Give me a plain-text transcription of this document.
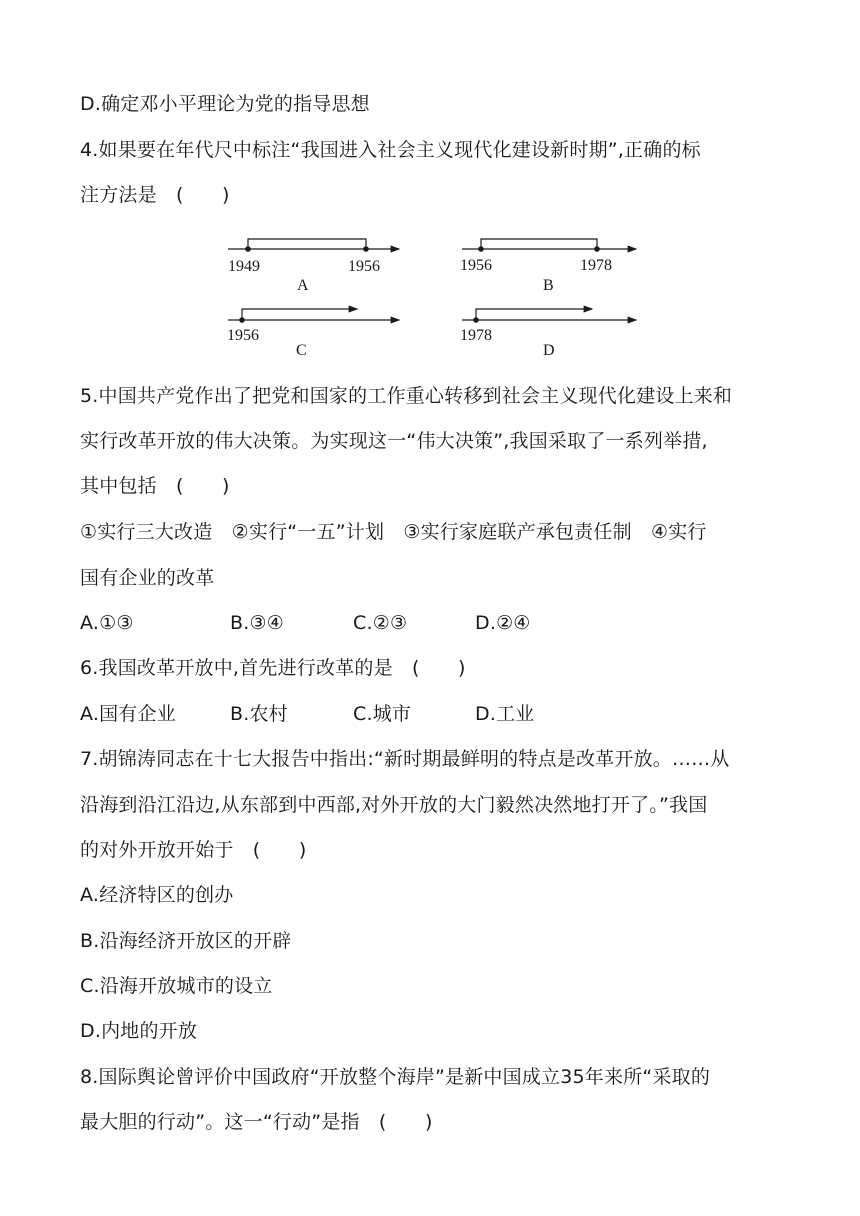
D.确定邓小平理论为党的指导思想
4.如果要在年代尺中标注“我国进入社会主义现代化建设新时期”,正确的标
注方法是　(　　)
1949	1956
A
1956	1978
B
1956
C
1978
D
5.中国共产党作出了把党和国家的工作重心转移到社会主义现代化建设上来和
实行改革开放的伟大决策。为实现这一“伟大决策”,我国采取了一系列举措,
其中包括　(　　)
①实行三大改造　②实行“一五”计划　③实行家庭联产承包责任制　④实行
国有企业的改革

A.①③

	B.③④

	C.②③

	D.②④

6.我国改革开放中,首先进行改革的是　(　　)

A.国有企业

	B.农村

	C.城市

	D.工业

7.胡锦涛同志在十七大报告中指出:“新时期最鲜明的特点是改革开放。……从
沿海到沿江沿边,从东部到中西部,对外开放的大门毅然决然地打开了。”我国
的对外开放开始于　(　　)
A.经济特区的创办
B.沿海经济开放区的开辟
C.沿海开放城市的设立
D.内地的开放
8.国际舆论曾评价中国政府“开放整个海岸”是新中国成立35年来所“采取的
最大胆的行动”。这一“行动”是指　(　　)
